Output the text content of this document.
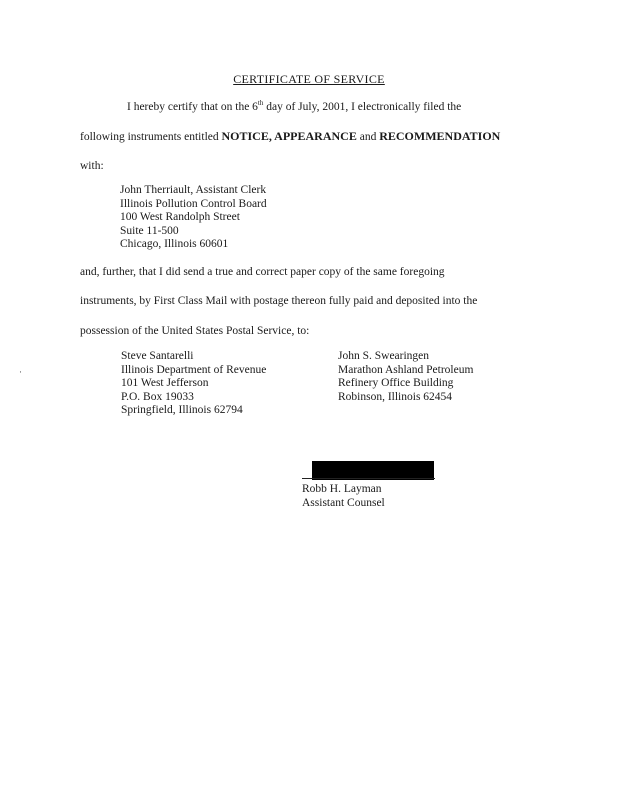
CERTIFICATE OF SERVICE
I hereby certify that on the 6th day of July, 2001, I electronically filed the
following instruments entitled NOTICE, APPEARANCE and RECOMMENDATION
with:
John Therriault, Assistant Clerk
Illinois Pollution Control Board
100 West Randolph Street
Suite 11-500
Chicago, Illinois 60601
and, further, that I did send a true and correct paper copy of the same foregoing
instruments, by First Class Mail with postage thereon fully paid and deposited into the
possession of the United States Postal Service, to:
·
Steve Santarelli
Illinois Department of Revenue
101 West Jefferson
P.O. Box 19033
Springfield, Illinois 62794
John S. Swearingen
Marathon Ashland Petroleum
Refinery Office Building
Robinson, Illinois 62454
Robb H. Layman
Assistant Counsel
